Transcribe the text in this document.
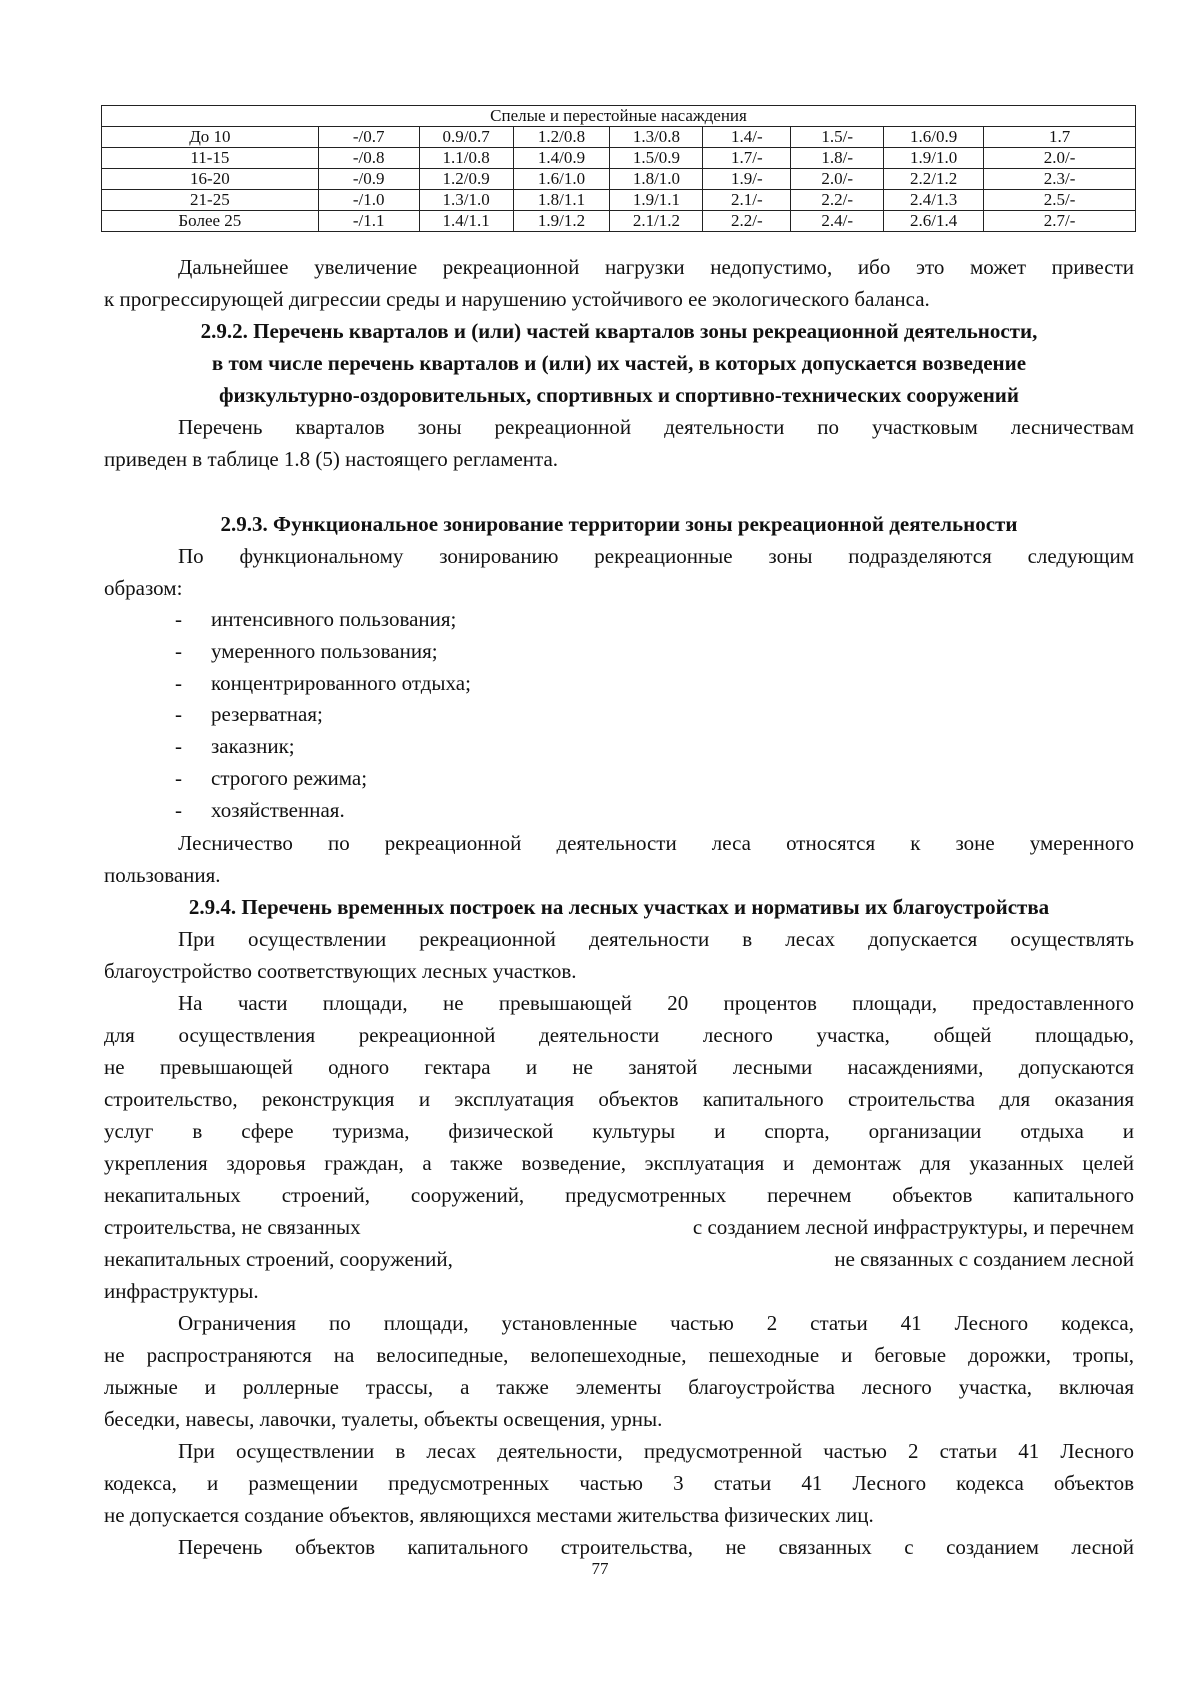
Спелые и перестойные насаждения								
До 10	-/0.7	0.9/0.7	1.2/0.8	1.3/0.8	1.4/-	1.5/-	1.6/0.9	1.7
11-15	-/0.8	1.1/0.8	1.4/0.9	1.5/0.9	1.7/-	1.8/-	1.9/1.0	2.0/-
16-20	-/0.9	1.2/0.9	1.6/1.0	1.8/1.0	1.9/-	2.0/-	2.2/1.2	2.3/-
21-25	-/1.0	1.3/1.0	1.8/1.1	1.9/1.1	2.1/-	2.2/-	2.4/1.3	2.5/-
Более 25	-/1.1	1.4/1.1	1.9/1.2	2.1/1.2	2.2/-	2.4/-	2.6/1.4	2.7/-
Дальнейшее увеличение рекреационной нагрузки недопустимо, ибо это может привести
к прогрессирующей дигрессии среды и нарушению устойчивого ее экологического баланса.
2.9.2. Перечень кварталов и (или) частей кварталов зоны рекреационной деятельности,
в том числе перечень кварталов и (или) их частей, в которых допускается возведение
физкультурно-оздоровительных, спортивных и спортивно-технических сооружений
Перечень кварталов зоны рекреационной деятельности по участковым лесничествам
приведен в таблице 1.8 (5) настоящего регламента.
2.9.3. Функциональное зонирование территории зоны рекреационной деятельности
По функциональному зонированию рекреационные зоны подразделяются следующим
образом:
- интенсивного пользования;
- умеренного пользования;
- концентрированного отдыха;
- резерватная;
- заказник;
- строгого режима;
- хозяйственная.
Лесничество по рекреационной деятельности леса относятся к зоне умеренного
пользования.
2.9.4. Перечень временных построек на лесных участках и нормативы их благоустройства
При осуществлении рекреационной деятельности в лесах допускается осуществлять
благоустройство соответствующих лесных участков.
На части площади, не превышающей 20 процентов площади, предоставленного
для осуществления рекреационной деятельности лесного участка, общей площадью,
не превышающей одного гектара и не занятой лесными насаждениями, допускаются
строительство, реконструкция и эксплуатация объектов капитального строительства для оказания
услуг в сфере туризма, физической культуры и спорта, организации отдыха и
укрепления здоровья граждан, а также возведение, эксплуатация и демонтаж для указанных целей
некапитальных строений, сооружений, предусмотренных перечнем объектов капитального
строительства, не связанных	с созданием лесной инфраструктуры, и перечнем
некапитальных строений, сооружений,	не связанных с созданием лесной
инфраструктуры.
Ограничения по площади, установленные частью 2 статьи 41 Лесного кодекса,
не распространяются на велосипедные, велопешеходные, пешеходные и беговые дорожки, тропы,
лыжные и роллерные трассы, а также элементы благоустройства лесного участка, включая
беседки, навесы, лавочки, туалеты, объекты освещения, урны.
При осуществлении в лесах деятельности, предусмотренной частью 2 статьи 41 Лесного
кодекса, и размещении предусмотренных частью 3 статьи 41 Лесного кодекса объектов
не допускается создание объектов, являющихся местами жительства физических лиц.
Перечень объектов капитального строительства, не связанных с созданием лесной
77
